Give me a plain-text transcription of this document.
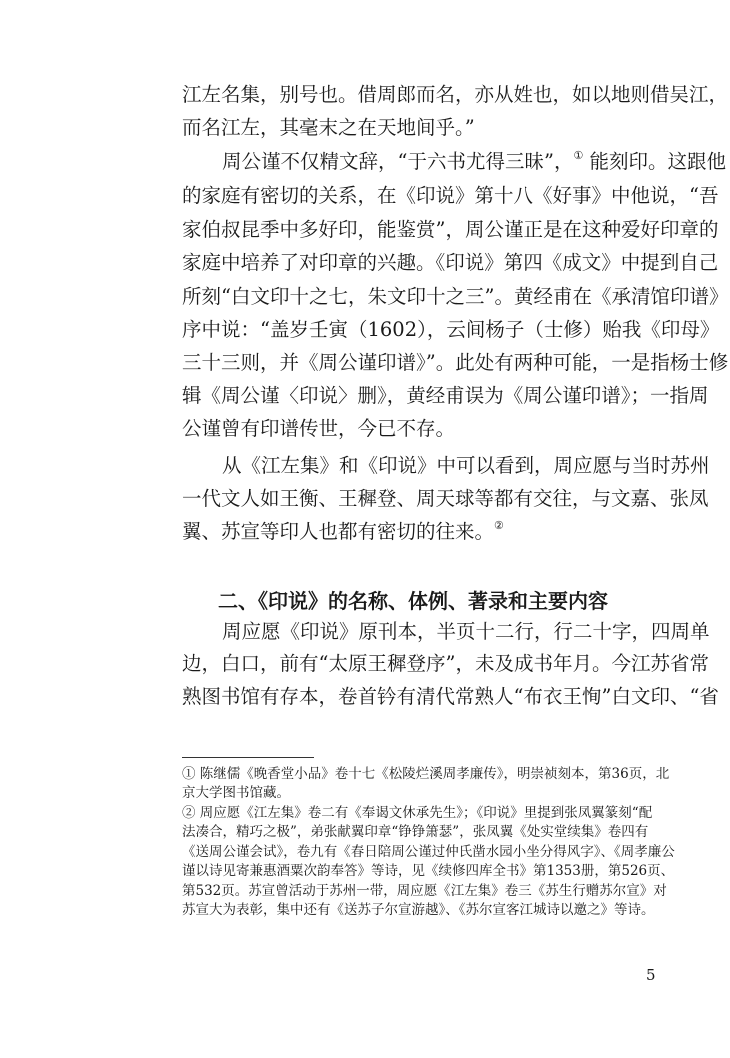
江左名集，别号也。借周郎而名，亦从姓也，如以地则借吴江，
而名江左，其毫末之在天地间乎。”
周公谨不仅精文辞，“于六书尤得三昧”，① 能刻印。这跟他
的家庭有密切的关系，在《印说》第十八《好事》中他说，“吾
家伯叔昆季中多好印，能鉴赏”，周公谨正是在这种爱好印章的
家庭中培养了对印章的兴趣。《印说》第四《成文》中提到自己
所刻“白文印十之七，朱文印十之三”。黄经甫在《承清馆印谱》
序中说：“盖岁壬寅（1602），云间杨子（士修）贻我《印母》
三十三则，并《周公谨印谱》”。此处有两种可能，一是指杨士修
辑《周公谨〈印说〉删》，黄经甫误为《周公谨印谱》；一指周
公谨曾有印谱传世，今已不存。
从《江左集》和《印说》中可以看到，周应愿与当时苏州
一代文人如王衡、王穉登、周天球等都有交往，与文嘉、张凤
翼、苏宣等印人也都有密切的往来。②
二、《印说》的名称、体例、著录和主要内容
周应愿《印说》原刊本，半页十二行，行二十字，四周单
边，白口，前有“太原王穉登序”，未及成书年月。今江苏省常
熟图书馆有存本，卷首钤有清代常熟人“布衣王恂”白文印、“省
① 陈继儒《晚香堂小品》卷十七《松陵烂溪周孝廉传》，明崇祯刻本，第36页，北
京大学图书馆藏。
② 周应愿《江左集》卷二有《奉谒文休承先生》；《印说》里提到张凤翼篆刻“配
法凑合，精巧之极”，弟张献翼印章“铮铮箫瑟”，张凤翼《处实堂续集》卷四有
《送周公谨会试》，卷九有《春日陪周公谨过仲氏凿水园小坐分得风字》、《周孝廉公
谨以诗见寄兼惠酒粟次韵奉答》等诗，见《续修四库全书》第1353册，第526页、
第532页。苏宣曾活动于苏州一带，周应愿《江左集》卷三《苏生行赠苏尔宣》对
苏宣大为表彰，集中还有《送苏子尔宣游越》、《苏尔宣客江城诗以邀之》等诗。
5
